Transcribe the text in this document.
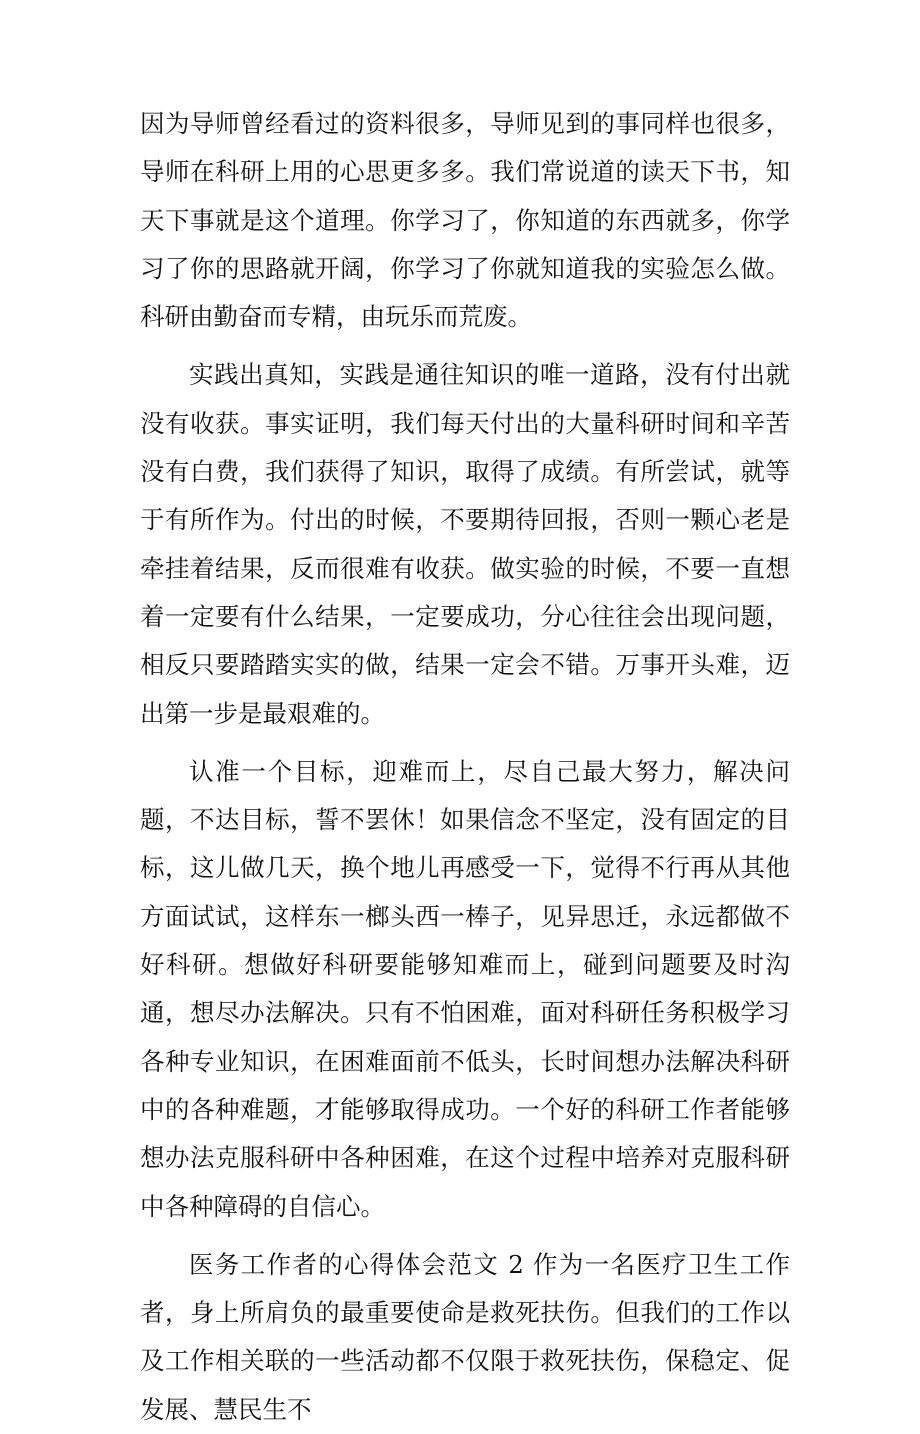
因为导师曾经看过的资料很多，导师见到的事同样也很多，导师在科研上用的心思更多多。我们常说道的读天下书，知天下事就是这个道理。你学习了，你知道的东西就多，你学习了你的思路就开阔，你学习了你就知道我的实验怎么做。科研由勤奋而专精，由玩乐而荒废。

实践出真知，实践是通往知识的唯一道路，没有付出就没有收获。事实证明，我们每天付出的大量科研时间和辛苦没有白费，我们获得了知识，取得了成绩。有所尝试，就等于有所作为。付出的时候，不要期待回报，否则一颗心老是牵挂着结果，反而很难有收获。做实验的时候，不要一直想着一定要有什么结果，一定要成功，分心往往会出现问题，相反只要踏踏实实的做，结果一定会不错。万事开头难，迈出第一步是最艰难的。

认准一个目标，迎难而上，尽自己最大努力，解决问题，不达目标，誓不罢休！如果信念不坚定，没有固定的目标，这儿做几天，换个地儿再感受一下，觉得不行再从其他方面试试，这样东一榔头西一棒子，见异思迁，永远都做不好科研。想做好科研要能够知难而上，碰到问题要及时沟通，想尽办法解决。只有不怕困难，面对科研任务积极学习各种专业知识，在困难面前不低头，长时间想办法解决科研中的各种难题，才能够取得成功。一个好的科研工作者能够想办法克服科研中各种困难，在这个过程中培养对克服科研中各种障碍的自信心。

医务工作者的心得体会范文 2 作为一名医疗卫生工作者，身上所肩负的最重要使命是救死扶伤。但我们的工作以及工作相关联的一些活动都不仅限于救死扶伤，保稳定、促发展、慧民生不
